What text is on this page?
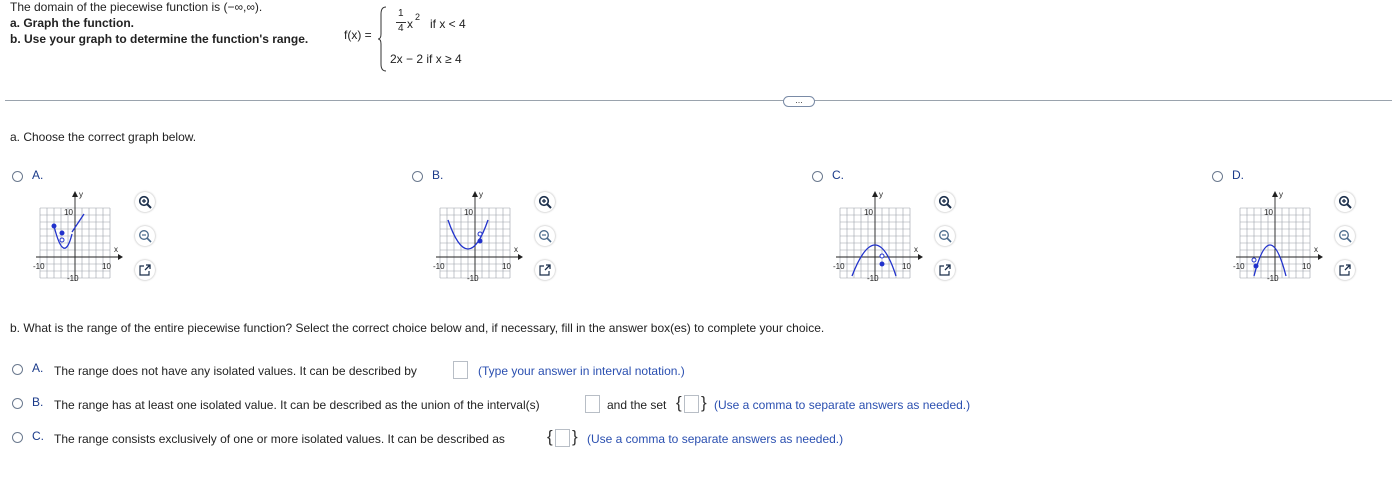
The domain of the piecewise function is (−∞,∞).
a. Graph the function.
b. Use your graph to determine the function's range.	f(x) =
1
4 x 2 if x < 4
2x − 2 if x ≥ 4
...
a. Choose the correct graph below.
A.
x
y
-10	10
10
-10
B.
x
y
-10	10
10
-10
C.
x
y
-10	10
10
-10
D.
x
y
-10	10
10
-10
b. What is the range of the entire piecewise function? Select the correct choice below and, if necessary, fill in the answer box(es) to complete your choice.
A. The range does not have any isolated values. It can be described by	(Type your answer in interval notation.)
B. The range has at least one isolated value. It can be described as the union of the interval(s)	and the set { } (Use a comma to separate answers as needed.)
C. The range consists exclusively of one or more isolated values. It can be described as { } (Use a comma to separate answers as needed.)
